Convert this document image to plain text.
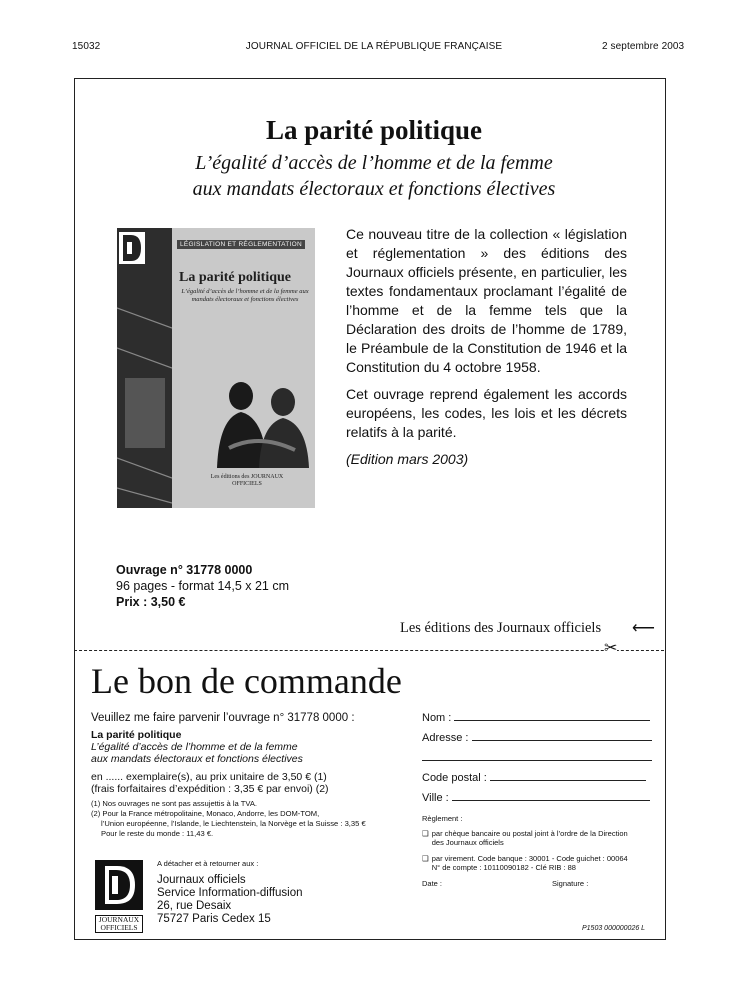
15032	JOURNAL OFFICIEL DE LA RÉPUBLIQUE FRANÇAISE	2 septembre 2003
La parité politique
L’égalité d’accès de l’homme et de la femme
aux mandats électoraux et fonctions électives
LÉGISLATION ET RÉGLEMENTATION
La parité politique
L’égalité d’accès de l’homme et de la femme aux mandats électoraux et fonctions électives
Les éditions des JOURNAUX OFFICIELS

Ce nouveau titre de la collection « législation et réglementation » des éditions des Journaux officiels présente, en particulier, les textes fondamentaux proclamant l’égalité de l’homme et de la femme tels que la Déclaration des droits de l’homme de 1789, le Préambule de la Constitution de 1946 et la Constitution du 4 octobre 1958.

Cet ouvrage reprend également les accords européens, les codes, les lois et les décrets relatifs à la parité.

(Edition mars 2003)

Ouvrage n° 31778 0000
96 pages - format 14,5 x 21 cm
Prix : 3,50 €
Les éditions des Journaux officiels ⟵
✂
Le bon de commande
Veuillez me faire parvenir l’ouvrage n° 31778 0000 :
La parité politique
L’égalité d’accès de l’homme et de la femme
aux mandats électoraux et fonctions électives
en ...... exemplaire(s), au prix unitaire de 3,50 € (1)
(frais forfaitaires d’expédition : 3,35 € par envoi) (2)
(1) Nos ouvrages ne sont pas assujettis à la TVA.
(2) Pour la France métropolitaine, Monaco, Andorre, les DOM-TOM,
l’Union européenne, l’Islande, le Liechtenstein, la Norvège et la Suisse : 3,35 €
Pour le reste du monde : 11,43 €.
JOURNAUX
OFFICIELS
A détacher et à retourner aux :
Journaux officiels
Service Information-diffusion
26, rue Desaix
75727 Paris Cedex 15
Nom :
Adresse :
Code postal :
Ville :
Règlement :
❑ par chèque bancaire ou postal joint à l’ordre de la Direction
des Journaux officiels
❑ par virement. Code banque : 30001 - Code guichet : 00064
N° de compte : 10110090182 - Clé RIB : 88
Date :	Signature :
P1503 000000026 L
